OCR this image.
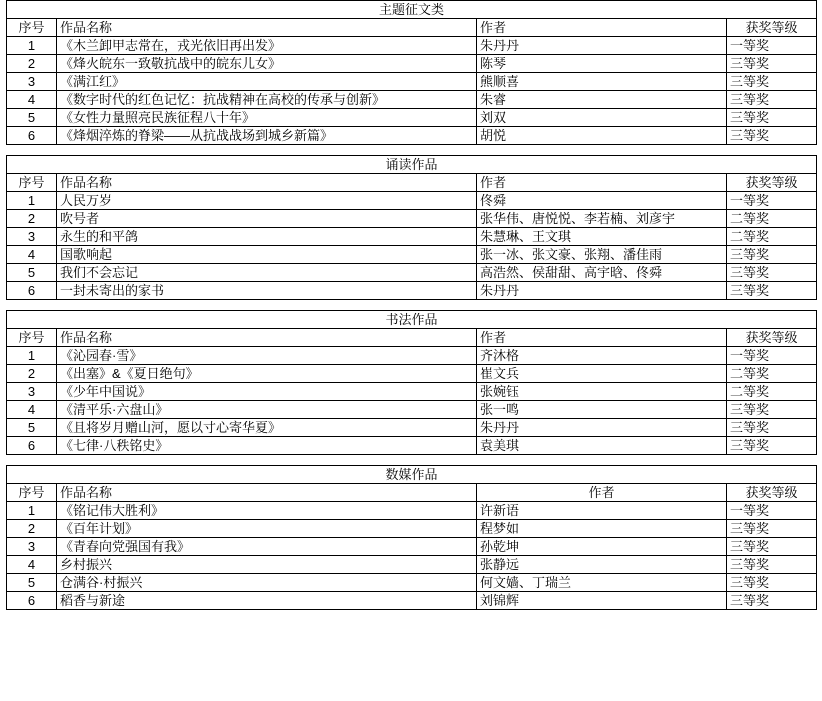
主题征文类			
序号	作品名称	作者	获奖等级
1	《木兰卸甲志常在，戎光依旧再出发》	朱丹丹	一等奖
2	《烽火皖东一致敬抗战中的皖东儿女》	陈琴	三等奖
3	《满江红》	熊顺喜	三等奖
4	《数字时代的红色记忆：抗战精神在高校的传承与创新》	朱睿	三等奖
5	《女性力量照亮民族征程八十年》	刘双	三等奖
6	《烽烟淬炼的脊梁——从抗战战场到城乡新篇》	胡悦	三等奖
诵读作品			
序号	作品名称	作者	获奖等级
1	人民万岁	佟舜	一等奖
2	吹号者	张华伟、唐悦悦、李若楠、刘彦宇	二等奖
3	永生的和平鸽	朱慧琳、王文琪	二等奖
4	国歌响起	张一冰、张文豪、张翔、潘佳雨	三等奖
5	我们不会忘记	高浩然、侯甜甜、高宇晗、佟舜	三等奖
6	一封未寄出的家书	朱丹丹	三等奖
书法作品			
序号	作品名称	作者	获奖等级
1	《沁园春·雪》	齐沐格	一等奖
2	《出塞》&《夏日绝句》	崔文兵	二等奖
3	《少年中国说》	张婉钰	二等奖
4	《清平乐·六盘山》	张一鸣	三等奖
5	《且将岁月赠山河，愿以寸心寄华夏》	朱丹丹	三等奖
6	《七律·八秩铭史》	袁美琪	三等奖
数媒作品			
序号	作品名称	作者	获奖等级
1	《铭记伟大胜利》	许新语	一等奖
2	《百年计划》	程梦如	三等奖
3	《青春向党强国有我》	孙乾坤	三等奖
4	乡村振兴	张静远	三等奖
5	仓满谷·村振兴	何文嫱、丁瑞兰	三等奖
6	稻香与新途	刘锦辉	三等奖
